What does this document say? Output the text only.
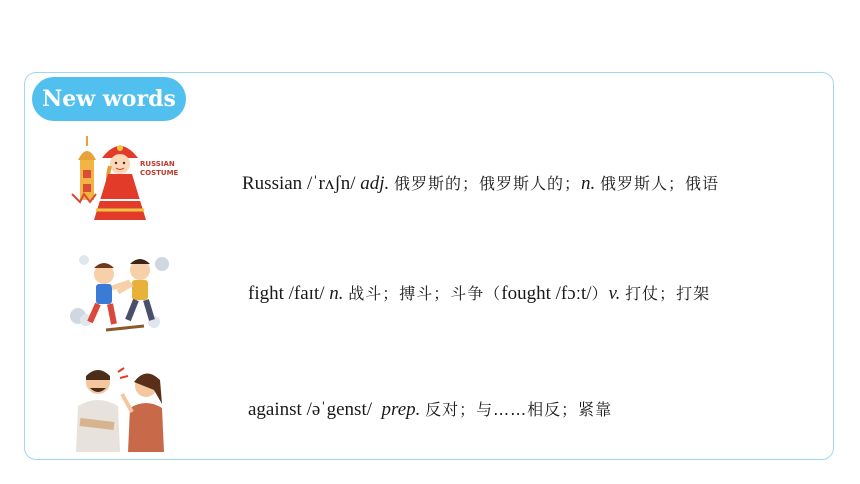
New words
RUSSIAN
COSTUME	Russian /ˈrʌʃn/ adj. 俄罗斯的；俄罗斯人的；n. 俄罗斯人；俄语
fight /faɪt/ n. 战斗；搏斗；斗争（fought /fɔːt/）v. 打仗；打架
against /əˈgenst/ prep. 反对；与……相反；紧靠
